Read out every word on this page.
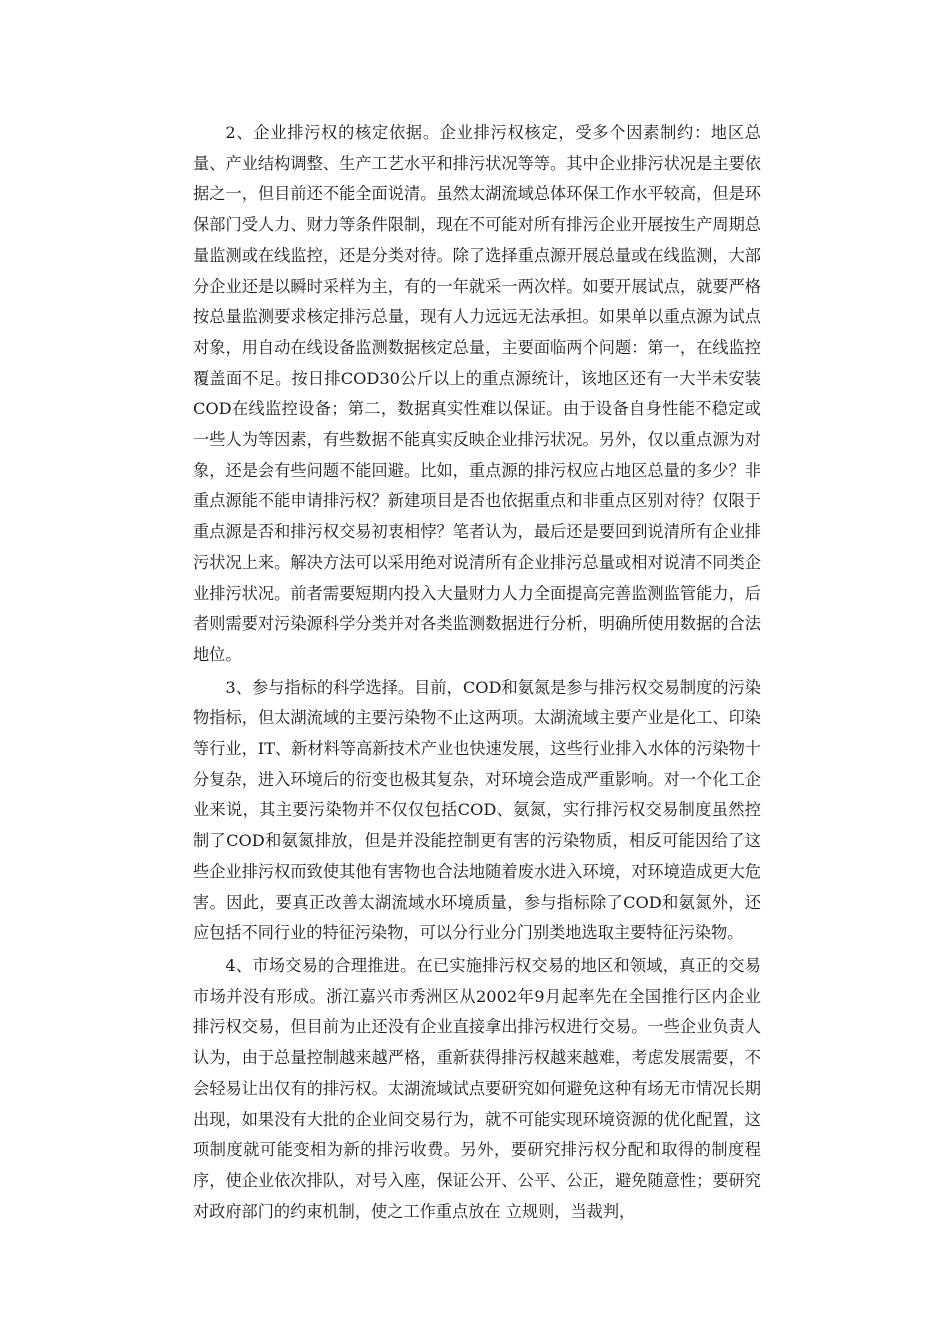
2、企业排污权的核定依据。企业排污权核定，受多个因素制约：地区总量、产业结构调整、生产工艺水平和排污状况等等。其中企业排污状况是主要依据之一，但目前还不能全面说清。虽然太湖流域总体环保工作水平较高，但是环保部门受人力、财力等条件限制，现在不可能对所有排污企业开展按生产周期总量监测或在线监控，还是分类对待。除了选择重点源开展总量或在线监测，大部分企业还是以瞬时采样为主，有的一年就采一两次样。如要开展试点，就要严格按总量监测要求核定排污总量，现有人力远远无法承担。如果单以重点源为试点对象，用自动在线设备监测数据核定总量，主要面临两个问题：第一，在线监控覆盖面不足。按日排COD30公斤以上的重点源统计，该地区还有一大半未安装COD在线监控设备；第二，数据真实性难以保证。由于设备自身性能不稳定或一些人为等因素，有些数据不能真实反映企业排污状况。另外，仅以重点源为对象，还是会有些问题不能回避。比如，重点源的排污权应占地区总量的多少？非重点源能不能申请排污权？新建项目是否也依据重点和非重点区别对待？仅限于重点源是否和排污权交易初衷相悖？笔者认为，最后还是要回到说清所有企业排污状况上来。解决方法可以采用绝对说清所有企业排污总量或相对说清不同类企业排污状况。前者需要短期内投入大量财力人力全面提高完善监测监管能力，后者则需要对污染源科学分类并对各类监测数据进行分析，明确所使用数据的合法地位。

3、参与指标的科学选择。目前，COD和氨氮是参与排污权交易制度的污染物指标，但太湖流域的主要污染物不止这两项。太湖流域主要产业是化工、印染等行业，IT、新材料等高新技术产业也快速发展，这些行业排入水体的污染物十分复杂，进入环境后的衍变也极其复杂，对环境会造成严重影响。对一个化工企业来说，其主要污染物并不仅仅包括COD、氨氮，实行排污权交易制度虽然控制了COD和氨氮排放，但是并没能控制更有害的污染物质，相反可能因给了这些企业排污权而致使其他有害物也合法地随着废水进入环境，对环境造成更大危害。因此，要真正改善太湖流域水环境质量，参与指标除了COD和氨氮外，还应包括不同行业的特征污染物，可以分行业分门别类地选取主要特征污染物。

4、市场交易的合理推进。在已实施排污权交易的地区和领域，真正的交易市场并没有形成。浙江嘉兴市秀洲区从2002年9月起率先在全国推行区内企业排污权交易，但目前为止还没有企业直接拿出排污权进行交易。一些企业负责人认为，由于总量控制越来越严格，重新获得排污权越来越难，考虑发展需要，不会轻易让出仅有的排污权。太湖流域试点要研究如何避免这种有场无市情况长期出现，如果没有大批的企业间交易行为，就不可能实现环境资源的优化配置，这项制度就可能变相为新的排污收费。另外，要研究排污权分配和取得的制度程序，使企业依次排队，对号入座，保证公开、公平、公正，避免随意性；要研究对政府部门的约束机制，使之工作重点放在 立规则，当裁判，
